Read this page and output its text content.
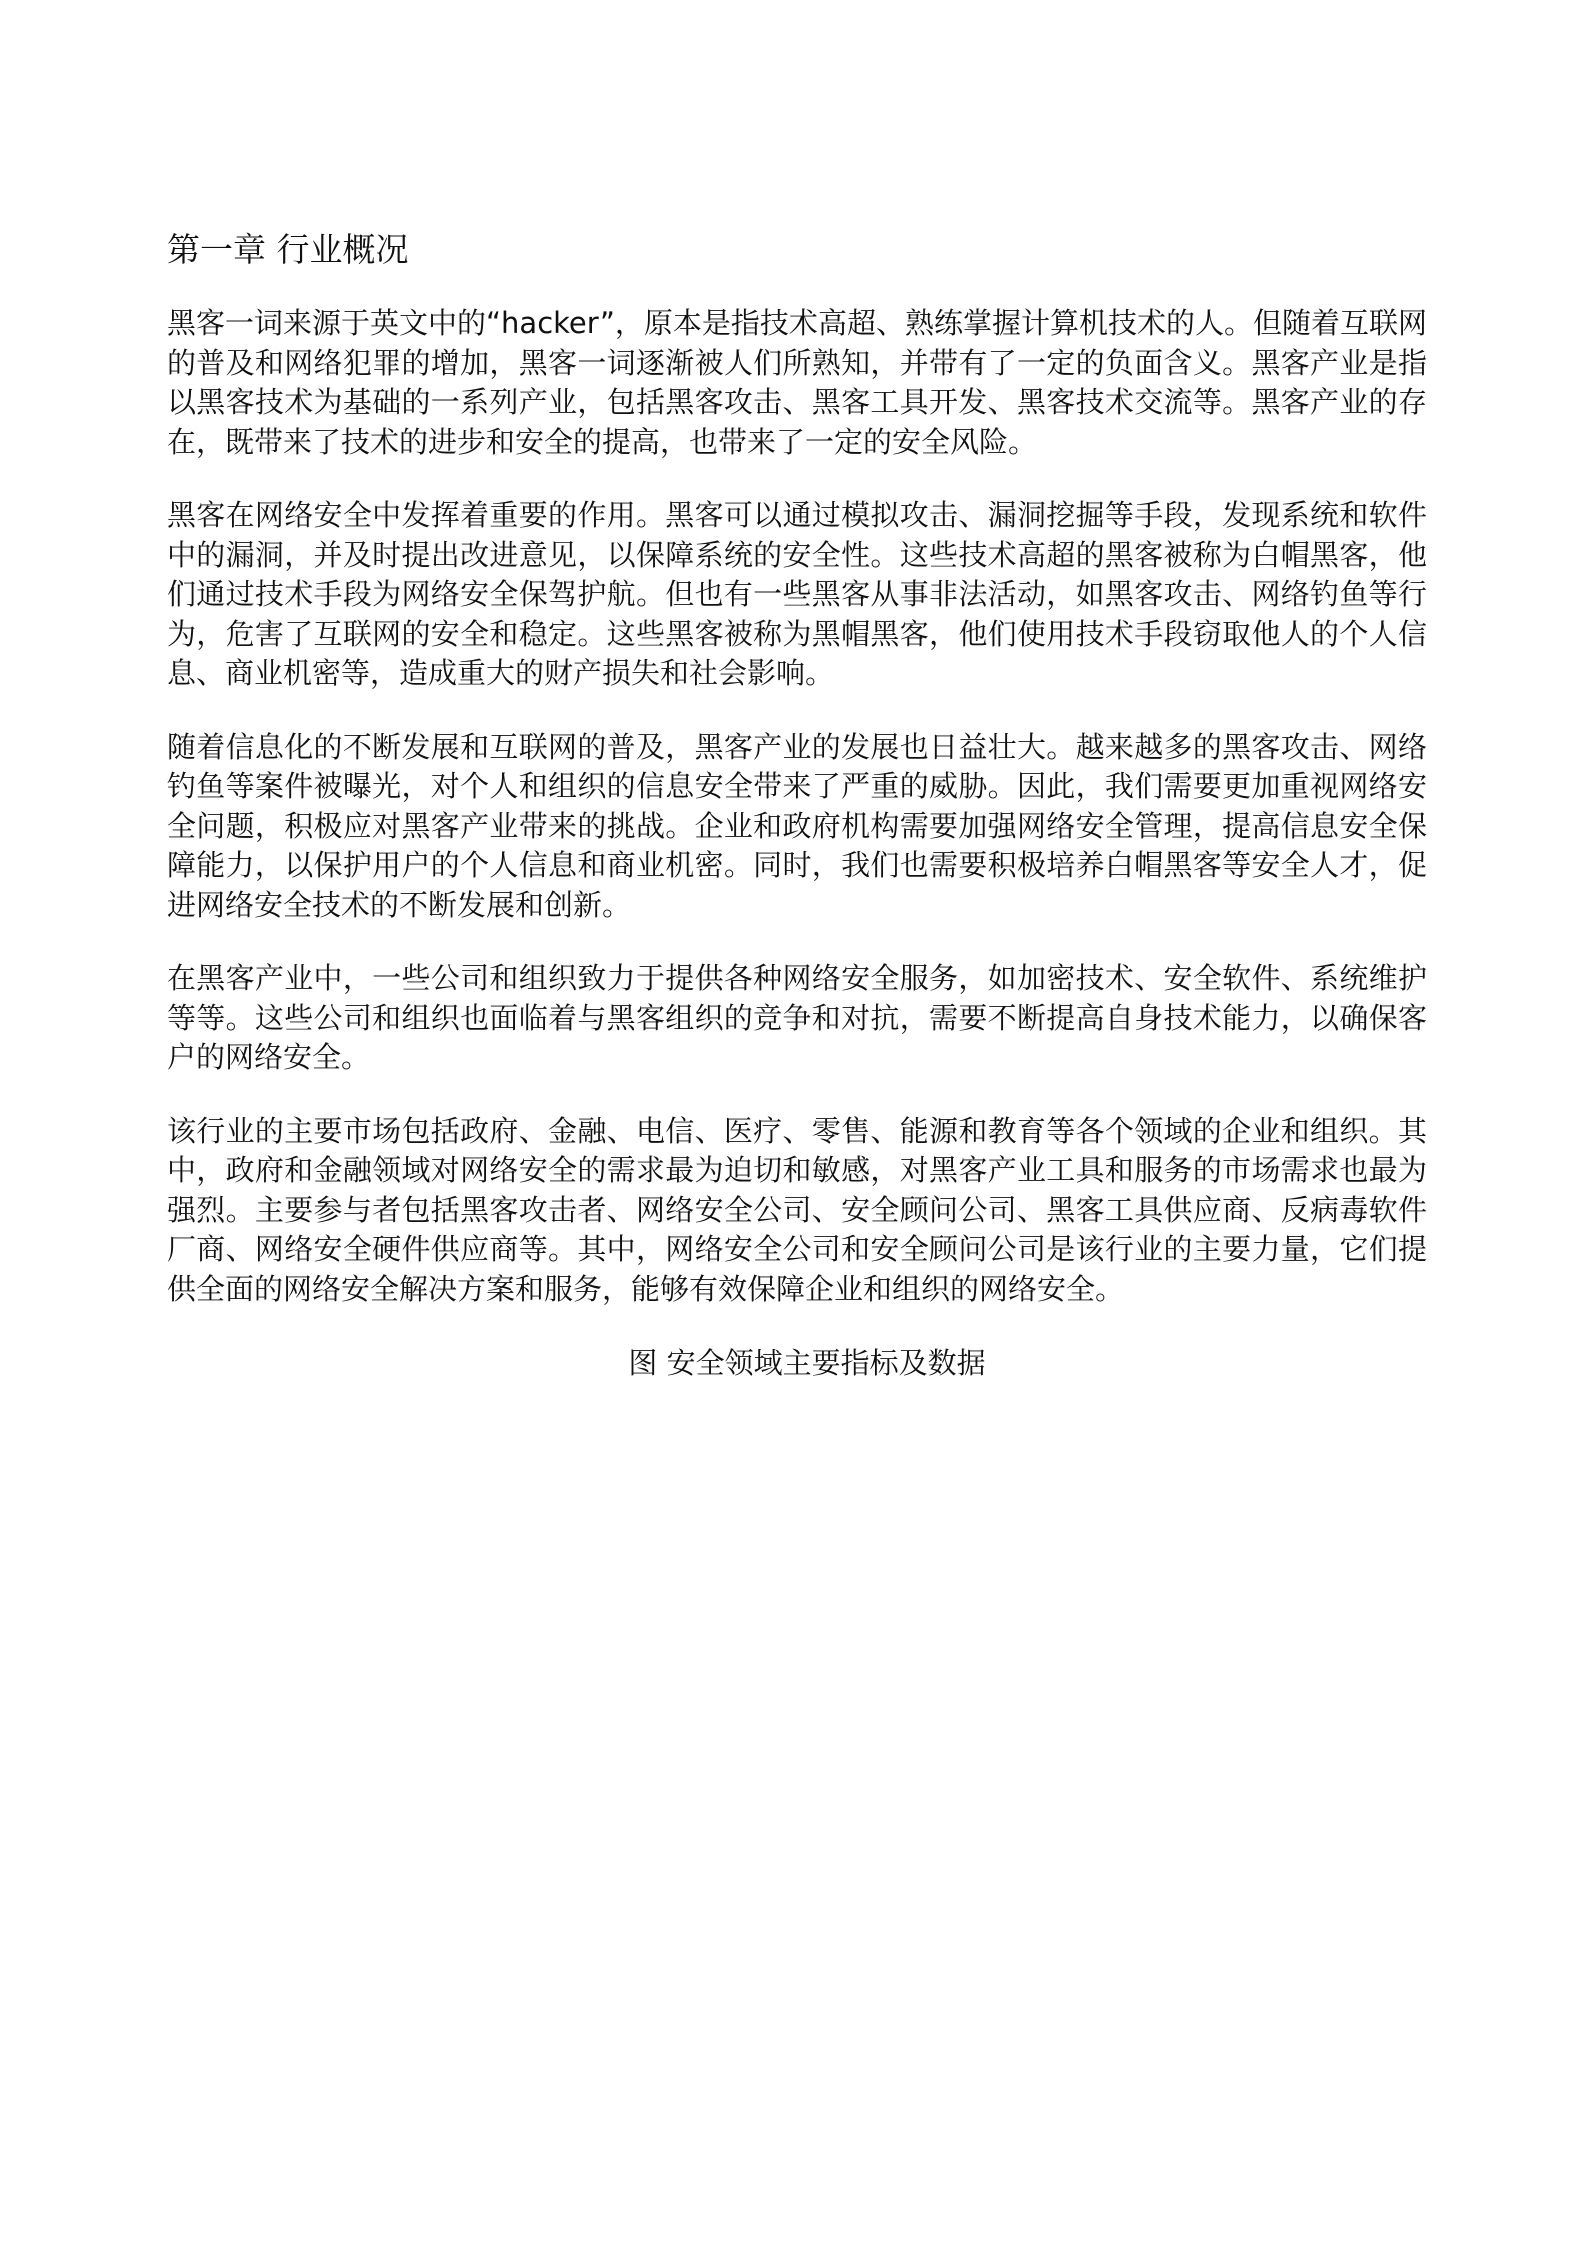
第一章 行业概况

黑客一词来源于英文中的“hacker”，原本是指技术高超、熟练掌握计算机技术的人。但随着互联网的普及和网络犯罪的增加，黑客一词逐渐被人们所熟知，并带有了一定的负面含义。黑客产业是指以黑客技术为基础的一系列产业，包括黑客攻击、黑客工具开发、黑客技术交流等。黑客产业的存在，既带来了技术的进步和安全的提高，也带来了一定的安全风险。

黑客在网络安全中发挥着重要的作用。黑客可以通过模拟攻击、漏洞挖掘等手段，发现系统和软件中的漏洞，并及时提出改进意见，以保障系统的安全性。这些技术高超的黑客被称为白帽黑客，他们通过技术手段为网络安全保驾护航。但也有一些黑客从事非法活动，如黑客攻击、网络钓鱼等行为，危害了互联网的安全和稳定。这些黑客被称为黑帽黑客，他们使用技术手段窃取他人的个人信息、商业机密等，造成重大的财产损失和社会影响。

随着信息化的不断发展和互联网的普及，黑客产业的发展也日益壮大。越来越多的黑客攻击、网络钓鱼等案件被曝光，对个人和组织的信息安全带来了严重的威胁。因此，我们需要更加重视网络安全问题，积极应对黑客产业带来的挑战。企业和政府机构需要加强网络安全管理，提高信息安全保障能力，以保护用户的个人信息和商业机密。同时，我们也需要积极培养白帽黑客等安全人才，促进网络安全技术的不断发展和创新。

在黑客产业中，一些公司和组织致力于提供各种网络安全服务，如加密技术、安全软件、系统维护等等。这些公司和组织也面临着与黑客组织的竞争和对抗，需要不断提高自身技术能力，以确保客户的网络安全。

该行业的主要市场包括政府、金融、电信、医疗、零售、能源和教育等各个领域的企业和组织。其中，政府和金融领域对网络安全的需求最为迫切和敏感，对黑客产业工具和服务的市场需求也最为强烈。主要参与者包括黑客攻击者、网络安全公司、安全顾问公司、黑客工具供应商、反病毒软件厂商、网络安全硬件供应商等。其中，网络安全公司和安全顾问公司是该行业的主要力量，它们提供全面的网络安全解决方案和服务，能够有效保障企业和组织的网络安全。

图 安全领域主要指标及数据
